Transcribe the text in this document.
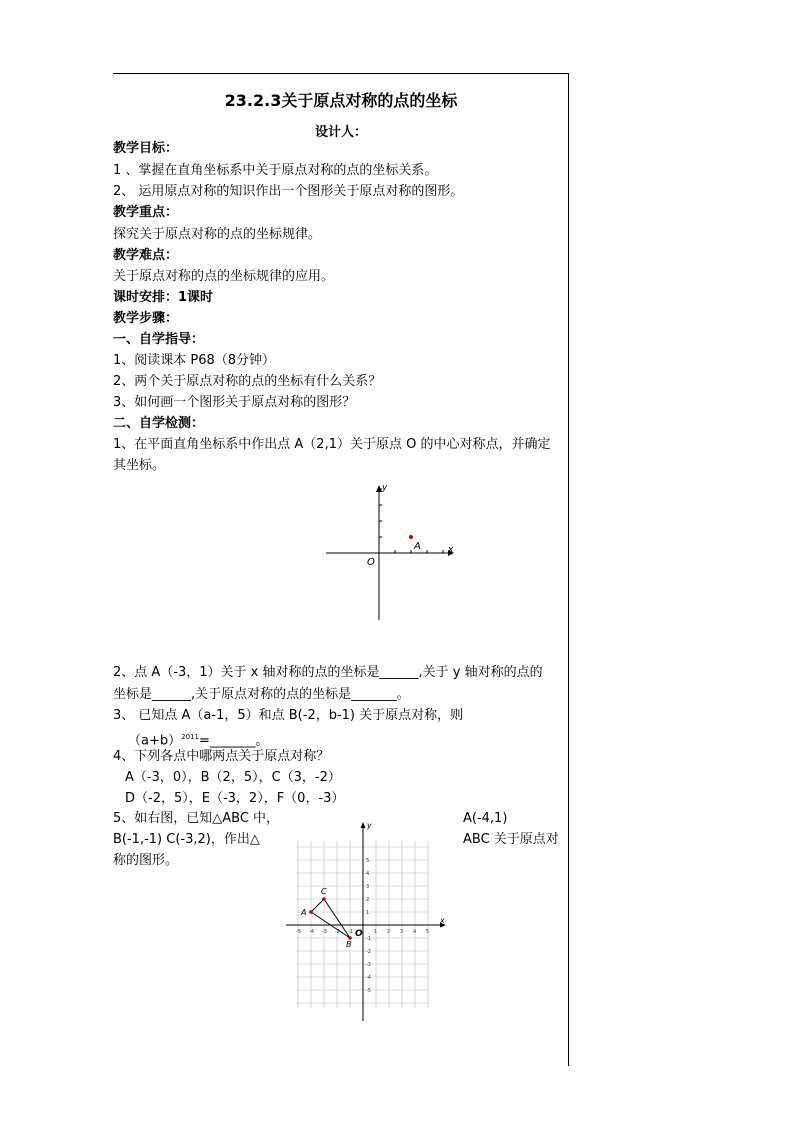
23.2.3关于原点对称的点的坐标
设计人：
教学目标：
1 、掌握在直角坐标系中关于原点对称的点的坐标关系。
2、 运用原点对称的知识作出一个图形关于原点对称的图形。
教学重点：
探究关于原点对称的点的坐标规律。
教学难点：
关于原点对称的点的坐标规律的应用。
课时安排：1课时
教学步骤：
一、自学指导：
1、阅读课本 P68（8分钟）
2、两个关于原点对称的点的坐标有什么关系？
3、如何画一个图形关于原点对称的图形？
二、自学检测：
1、在平面直角坐标系中作出点 A（2,1）关于原点 O 的中心对称点，并确定
其坐标。
A	x
y
O
2、点 A（-3，1）关于 x 轴对称的点的坐标是______,关于 y 轴对称的点的
坐标是______,关于原点对称的点的坐标是_______。
3、 已知点 A（a-1，5）和点 B(-2，b-1) 关于原点对称，则
$(a+b)^{2011}=\_\_\_\_\_\_\_$。
4、下列各点中哪两点关于原点对称？
A（-3，0），B（2，5），C（3，-2）
D（-2，5），E（-3，2），F（0，-3）
5、如右图，已知△ABC 中，	A(-4,1)
B(-1,-1) C(-3,2)，作出△	ABC 关于原点对
称的图形。
-5 -4 -3 -2 -1	1 2 3 4 5
5
4
3
2
1
-1
-2
-3
-4
-5
A
B
C
x
y
O
